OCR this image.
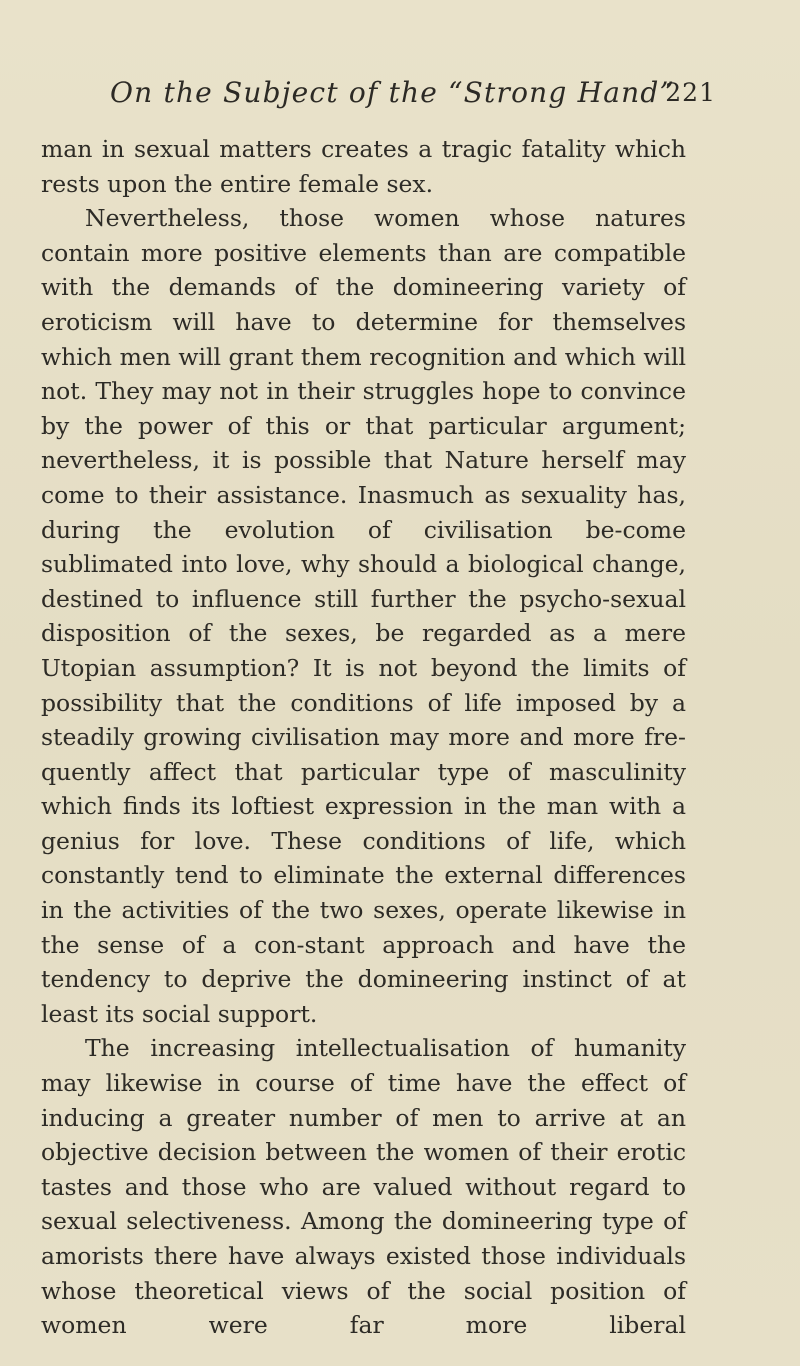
On the Subject of the “Strong Hand”
221

man in sexual matters creates a tragic fatality which rests upon the entire female sex.

Nevertheless, those women whose natures contain more positive elements than are compatible with the demands of the domineering variety of eroticism will have to determine for themselves which men will grant them recognition and which will not. They may not in their struggles hope to convince by the power of this or that particular argument; nevertheless, it is possible that Nature herself may come to their assistance. Inasmuch as sexuality has, during the evolution of civilisation be-come sublimated into love, why should a biological change, destined to influence still further the psycho-sexual disposition of the sexes, be regarded as a mere Utopian assumption? It is not beyond the limits of possibility that the conditions of life imposed by a steadily growing civilisation may more and more fre-quently affect that particular type of masculinity which finds its loftiest expression in the man with a genius for love. These conditions of life, which constantly tend to eliminate the external differences in the activities of the two sexes, operate likewise in the sense of a con-stant approach and have the tendency to deprive the domineering instinct of at least its social support.

The increasing intellectualisation of humanity may likewise in course of time have the effect of inducing a greater number of men to arrive at an objective decision between the women of their erotic tastes and those who are valued without regard to sexual selectiveness. Among the domineering type of amorists there have always existed those individuals whose theoretical views of the social position of women were far more liberal
